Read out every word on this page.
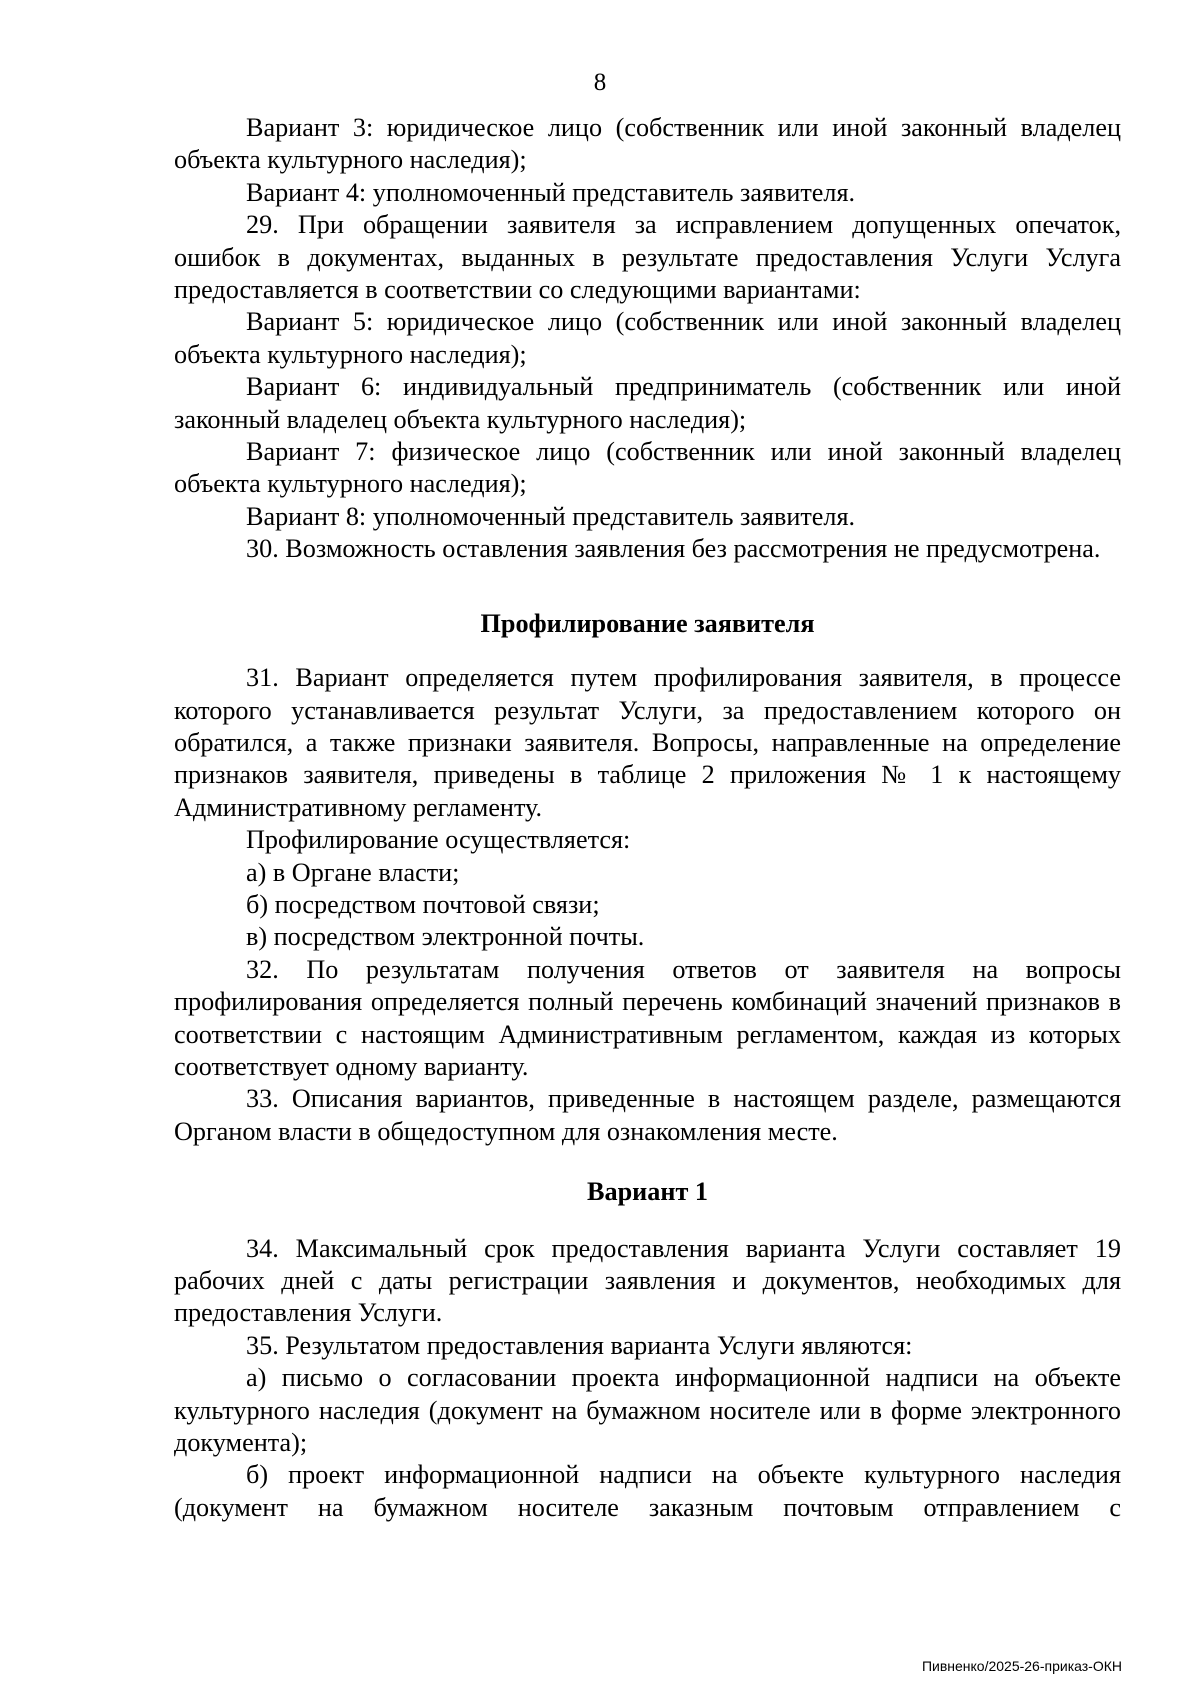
8

Вариант 3: юридическое лицо (собственник или иной законный владелец объекта культурного наследия);

Вариант 4: уполномоченный представитель заявителя.

29. При обращении заявителя за исправлением допущенных опечаток, ошибок в документах, выданных в результате предоставления Услуги Услуга предоставляется в соответствии со следующими вариантами:

Вариант 5: юридическое лицо (собственник или иной законный владелец объекта культурного наследия);

Вариант 6: индивидуальный предприниматель (собственник или иной законный владелец объекта культурного наследия);

Вариант 7: физическое лицо (собственник или иной законный владелец объекта культурного наследия);

Вариант 8: уполномоченный представитель заявителя.

30. Возможность оставления заявления без рассмотрения не предусмотрена.

Профилирование заявителя

31. Вариант определяется путем профилирования заявителя, в процессе которого устанавливается результат Услуги, за предоставлением которого он обратился, а также признаки заявителя. Вопросы, направленные на определение признаков заявителя, приведены в таблице 2 приложения № 1 к настоящему Административному регламенту.

Профилирование осуществляется:

а) в Органе власти;

б) посредством почтовой связи;

в) посредством электронной почты.

32. По результатам получения ответов от заявителя на вопросы профилирования определяется полный перечень комбинаций значений признаков в соответствии с настоящим Административным регламентом, каждая из которых соответствует одному варианту.

33. Описания вариантов, приведенные в настоящем разделе, размещаются Органом власти в общедоступном для ознакомления месте.

Вариант 1

34. Максимальный срок предоставления варианта Услуги составляет 19 рабочих дней с даты регистрации заявления и документов, необходимых для предоставления Услуги.

35. Результатом предоставления варианта Услуги являются:

а) письмо о согласовании проекта информационной надписи на объекте культурного наследия (документ на бумажном носителе или в форме электронного документа);

б) проект информационной надписи на объекте культурного наследия (документ на бумажном носителе заказным почтовым отправлением с

Пивненко/2025-26-приказ-ОКН
